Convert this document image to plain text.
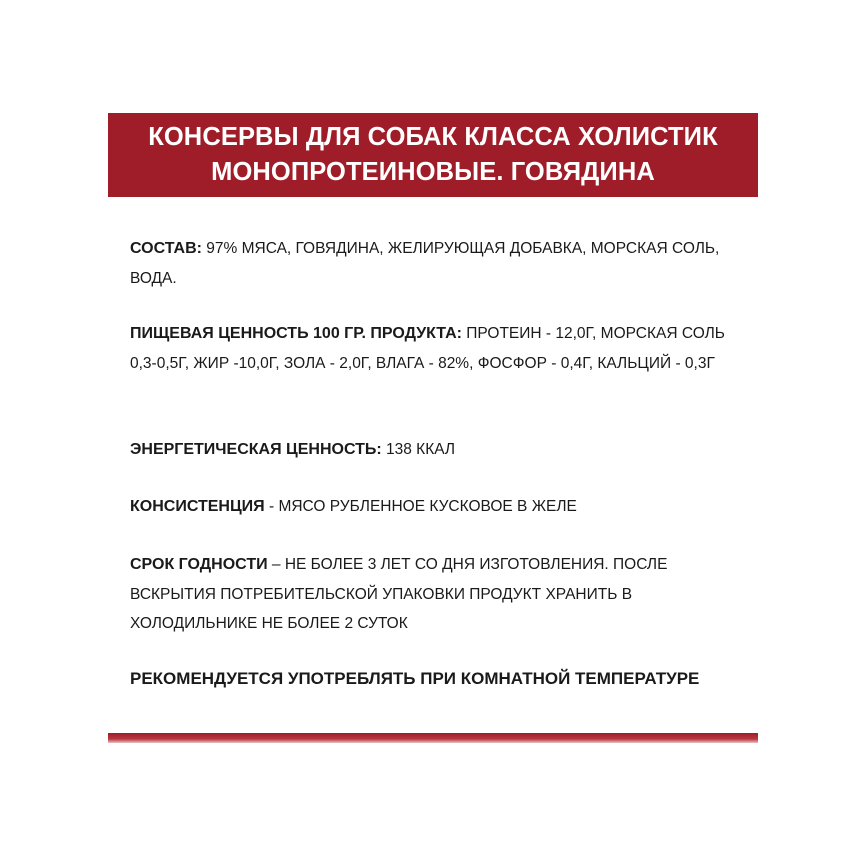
КОНСЕРВЫ ДЛЯ СОБАК КЛАССА ХОЛИСТИК
МОНОПРОТЕИНОВЫЕ. ГОВЯДИНА

СОСТАВ: 97% МЯСА, ГОВЯДИНА, ЖЕЛИРУЮЩАЯ ДОБАВКА, МОРСКАЯ СОЛЬ, ВОДА.

ПИЩЕВАЯ ЦЕННОСТЬ 100 ГР. ПРОДУКТА: ПРОТЕИН - 12,0Г, МОРСКАЯ СОЛЬ 0,3-0,5Г, ЖИР -10,0Г, ЗОЛА - 2,0Г, ВЛАГА - 82%, ФОСФОР - 0,4Г, КАЛЬЦИЙ - 0,3Г

ЭНЕРГЕТИЧЕСКАЯ ЦЕННОСТЬ: 138 ККАЛ

КОНСИСТЕНЦИЯ - МЯСО РУБЛЕННОЕ КУСКОВОЕ В ЖЕЛЕ

СРОК ГОДНОСТИ – НЕ БОЛЕЕ 3 ЛЕТ СО ДНЯ ИЗГОТОВЛЕНИЯ. ПОСЛЕ ВСКРЫТИЯ ПОТРЕБИТЕЛЬСКОЙ УПАКОВКИ ПРОДУКТ ХРАНИТЬ В ХОЛОДИЛЬНИКЕ НЕ БОЛЕЕ 2 СУТОК

РЕКОМЕНДУЕТСЯ УПОТРЕБЛЯТЬ ПРИ КОМНАТНОЙ ТЕМПЕРАТУРЕ
